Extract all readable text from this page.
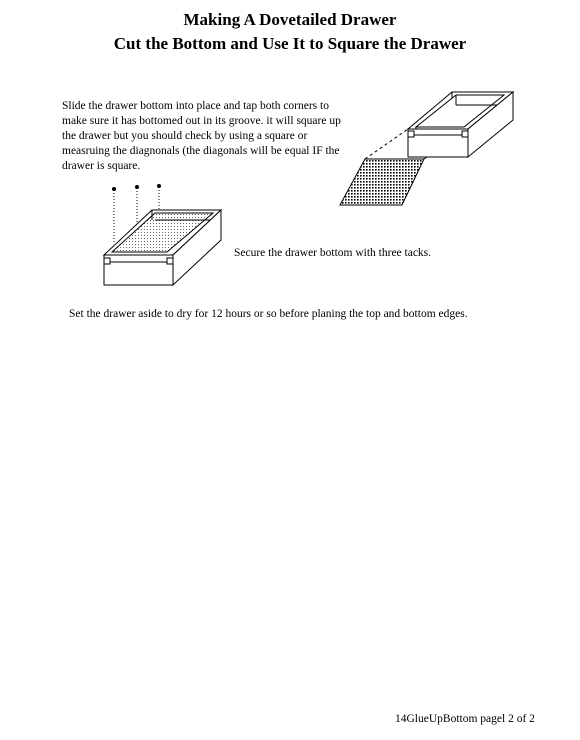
Making A Dovetailed Drawer
Cut the Bottom and Use It to Square the Drawer
Slide the drawer bottom into place and tap both corners to make sure it has bottomed out in its groove. it will square up the drawer but you should check by using a square or measruing the diagnonals (the diagonals will be equal IF the drawer is square.
Secure the drawer bottom with three tacks.
Set the drawer aside to dry for 12 hours or so before planing the top and bottom edges.
14GlueUpBottom pagel 2 of 2
